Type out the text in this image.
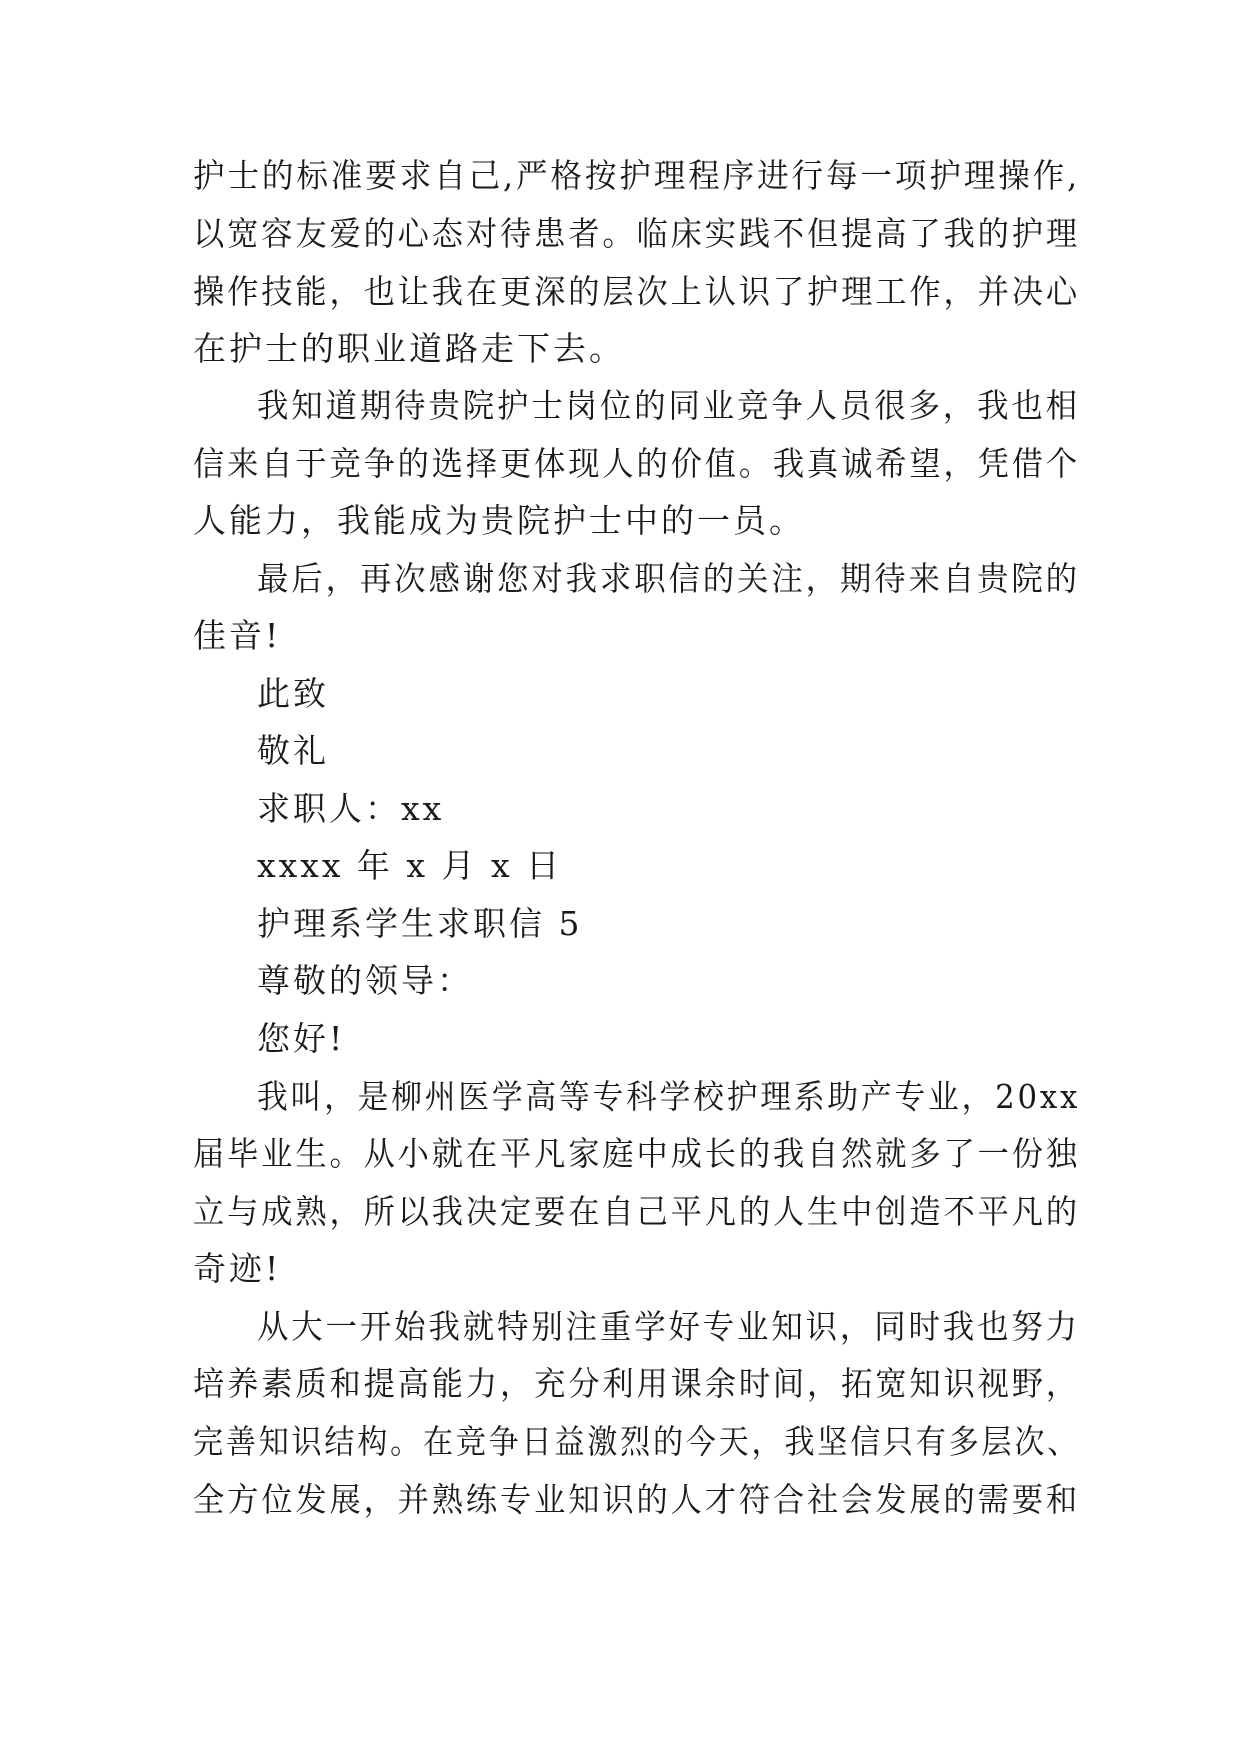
护士的标准要求自己,严格按护理程序进行每一项护理操作,
以宽容友爱的心态对待患者。临床实践不但提高了我的护理
操作技能，也让我在更深的层次上认识了护理工作，并决心
在护士的职业道路走下去。
我知道期待贵院护士岗位的同业竞争人员很多，我也相
信来自于竞争的选择更体现人的价值。我真诚希望，凭借个
人能力，我能成为贵院护士中的一员。
最后，再次感谢您对我求职信的关注，期待来自贵院的
佳音!
此致
敬礼
求职人：xx
xxxx 年 x 月 x 日
护理系学生求职信 5
尊敬的领导：
您好!
我叫，是柳州医学高等专科学校护理系助产专业，20xx
届毕业生。从小就在平凡家庭中成长的我自然就多了一份独
立与成熟，所以我决定要在自己平凡的人生中创造不平凡的
奇迹!
从大一开始我就特别注重学好专业知识，同时我也努力
培养素质和提高能力，充分利用课余时间，拓宽知识视野，
完善知识结构。在竞争日益激烈的今天，我坚信只有多层次、
全方位发展，并熟练专业知识的人才符合社会发展的需要和
